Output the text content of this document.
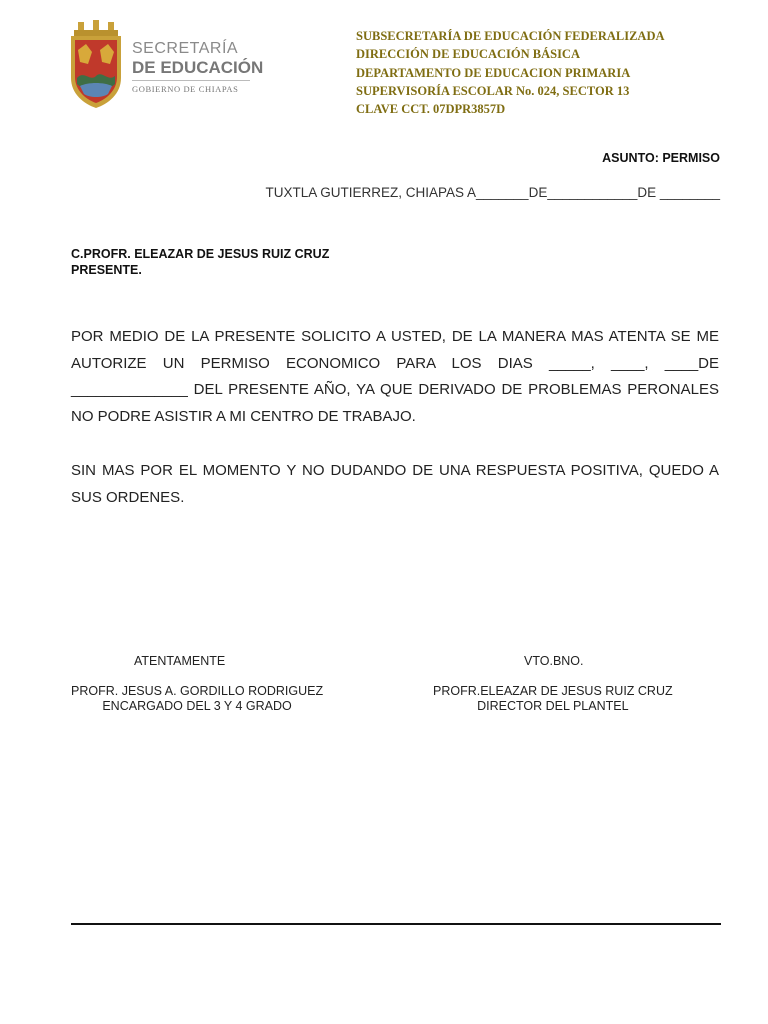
SECRETARÍA
DE EDUCACIÓN
GOBIERNO DE CHIAPAS
SUBSECRETARÍA DE EDUCACIÓN FEDERALIZADA
DIRECCIÓN DE EDUCACIÓN BÁSICA
DEPARTAMENTO DE EDUCACION PRIMARIA
SUPERVISORÍA ESCOLAR No. 024, SECTOR 13
CLAVE CCT. 07DPR3857D
ASUNTO: PERMISO
TUXTLA GUTIERREZ, CHIAPAS A_______DE____________DE ________
C.PROFR. ELEAZAR DE JESUS RUIZ CRUZ
PRESENTE.
POR MEDIO DE LA PRESENTE SOLICITO A USTED, DE LA MANERA MAS ATENTA SE ME AUTORIZE UN PERMISO ECONOMICO PARA LOS DIAS _____, ____, ____DE ______________ DEL PRESENTE AÑO, YA QUE DERIVADO DE PROBLEMAS PERONALES NO PODRE ASISTIR A MI CENTRO DE TRABAJO.
SIN MAS POR EL MOMENTO Y NO DUDANDO DE UNA RESPUESTA POSITIVA, QUEDO A SUS ORDENES.
ATENTAMENTE	VTO.BNO.
PROFR. JESUS A. GORDILLO RODRIGUEZ
ENCARGADO DEL 3 Y 4 GRADO
PROFR.ELEAZAR DE JESUS RUIZ CRUZ
DIRECTOR DEL PLANTEL
